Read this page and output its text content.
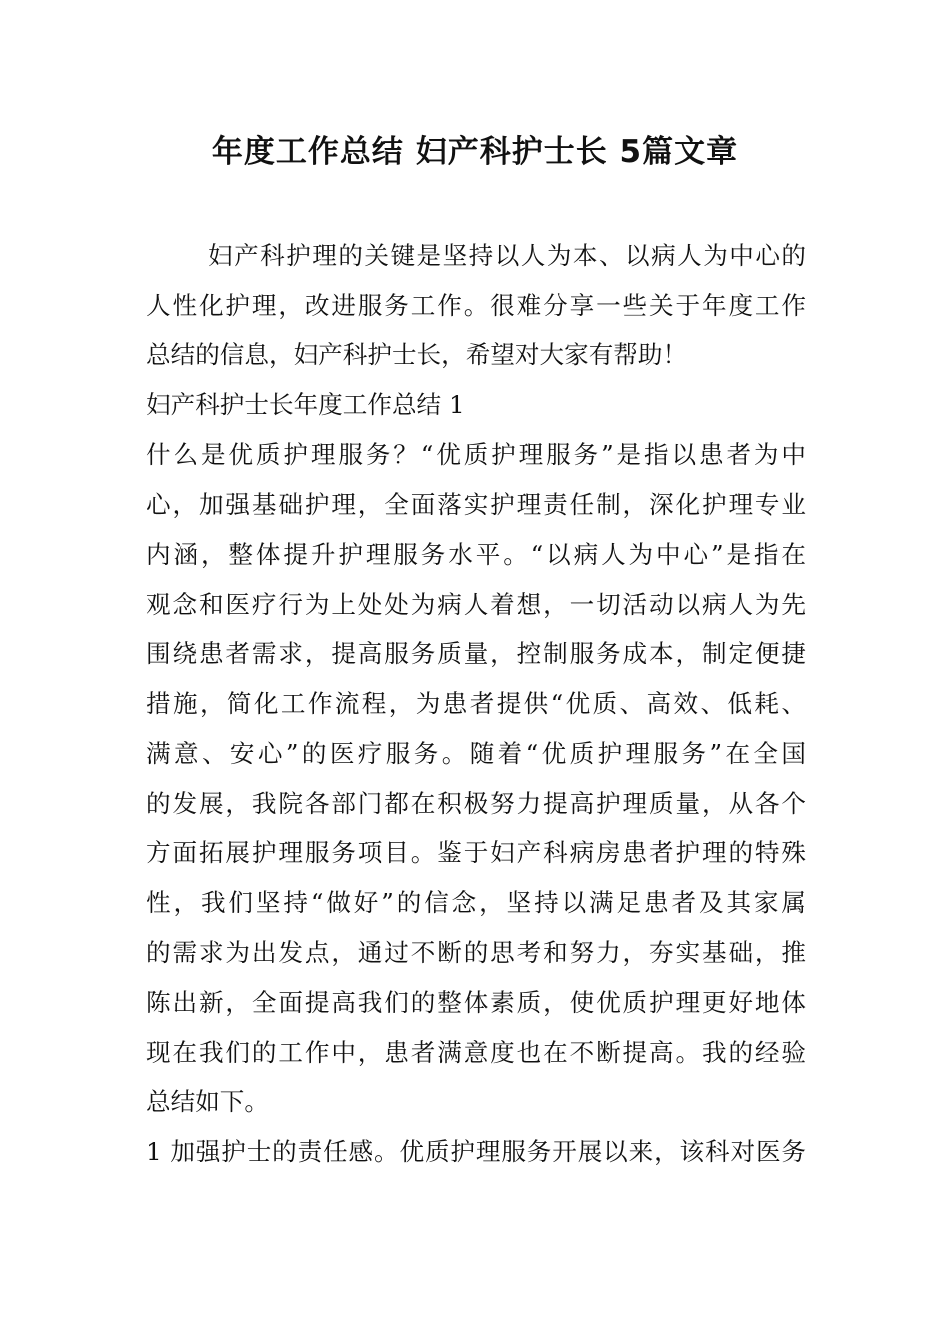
年度工作总结 妇产科护士长 5篇文章
妇产科护理的关键是坚持以人为本、以病人为中心的
人性化护理，改进服务工作。很难分享一些关于年度工作
总结的信息，妇产科护士长，希望对大家有帮助！
妇产科护士长年度工作总结 1
什么是优质护理服务？“优质护理服务”是指以患者为中
心，加强基础护理，全面落实护理责任制，深化护理专业
内涵，整体提升护理服务水平。“以病人为中心”是指在
观念和医疗行为上处处为病人着想，一切活动以病人为先
围绕患者需求，提高服务质量，控制服务成本，制定便捷
措施，简化工作流程，为患者提供“优质、高效、低耗、
满意、安心”的医疗服务。随着“优质护理服务”在全国
的发展，我院各部门都在积极努力提高护理质量，从各个
方面拓展护理服务项目。鉴于妇产科病房患者护理的特殊
性，我们坚持“做好”的信念，坚持以满足患者及其家属
的需求为出发点，通过不断的思考和努力，夯实基础，推
陈出新，全面提高我们的整体素质，使优质护理更好地体
现在我们的工作中，患者满意度也在不断提高。我的经验
总结如下。
1 加强护士的责任感。优质护理服务开展以来，该科对医务
